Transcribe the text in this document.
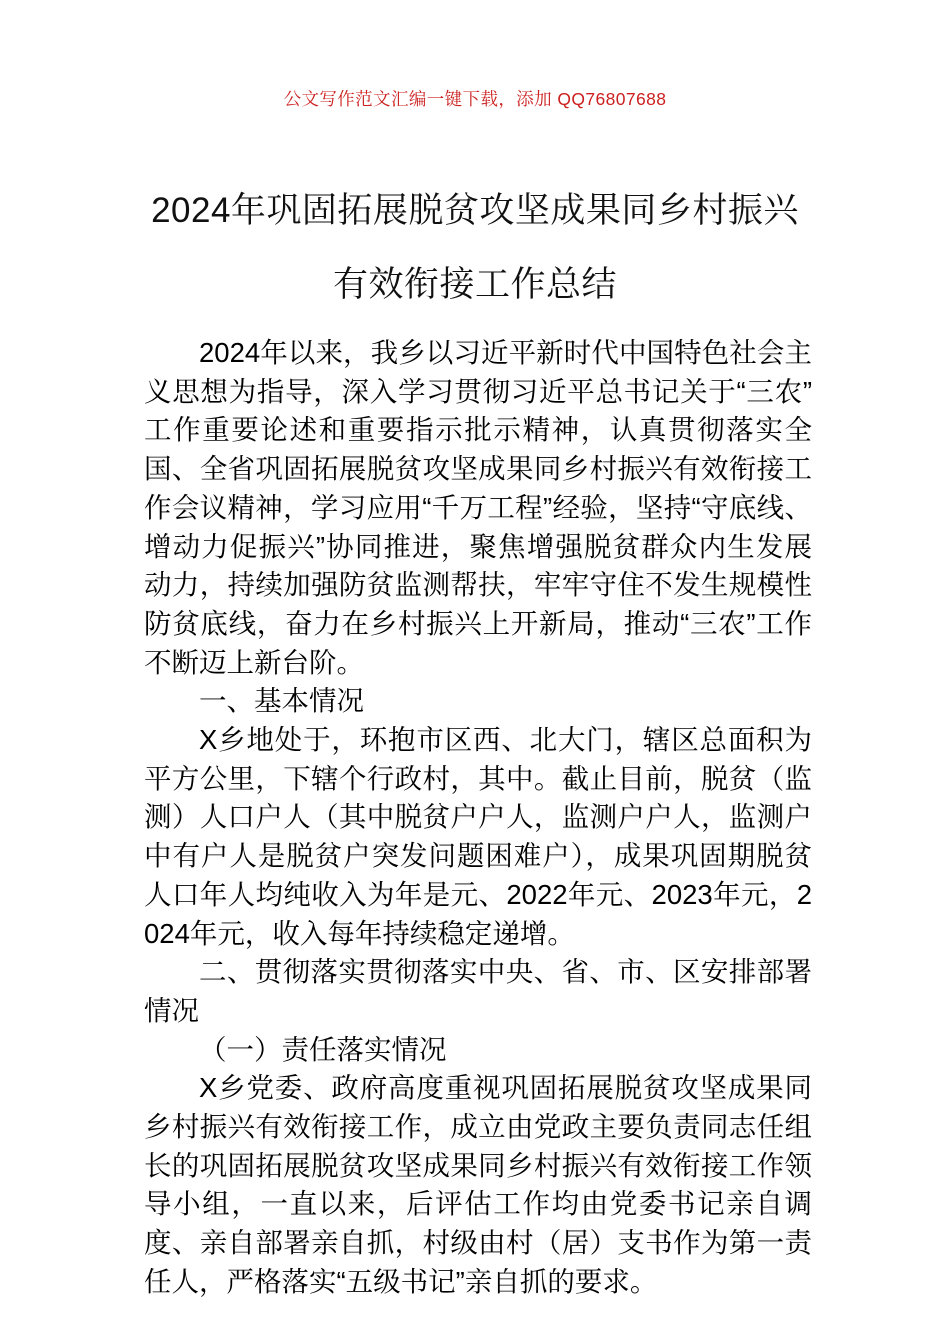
公文写作范文汇编一键下载，添加 QQ76807688
2024年巩固拓展脱贫攻坚成果同乡村振兴
有效衔接工作总结

2024年以来，我乡以习近平新时代中国特色社会主义思想为指导，深入学习贯彻习近平总书记关于“三农”工作重要论述和重要指示批示精神，认真贯彻落实全国、全省巩固拓展脱贫攻坚成果同乡村振兴有效衔接工作会议精神，学习应用“千万工程”经验，坚持“守底线、增动力促振兴”协同推进，聚焦增强脱贫群众内生发展动力，持续加强防贫监测帮扶，牢牢守住不发生规模性防贫底线，奋力在乡村振兴上开新局，推动“三农”工作不断迈上新台阶。

一、基本情况

X乡地处于，环抱市区西、北大门，辖区总面积为平方公里，下辖个行政村，其中。截止目前，脱贫（监测）人口户人（其中脱贫户户人，监测户户人，监测户中有户人是脱贫户突发问题困难户），成果巩固期脱贫人口年人均纯收入为年是元、2022年元、2023年元，2024年元，收入每年持续稳定递增。

二、贯彻落实贯彻落实中央、省、市、区安排部署情况

（一）责任落实情况

X乡党委、政府高度重视巩固拓展脱贫攻坚成果同乡村振兴有效衔接工作，成立由党政主要负责同志任组长的巩固拓展脱贫攻坚成果同乡村振兴有效衔接工作领导小组，一直以来，后评估工作均由党委书记亲自调度、亲自部署亲自抓，村级由村（居）支书作为第一责任人，严格落实“五级书记”亲自抓的要求。
